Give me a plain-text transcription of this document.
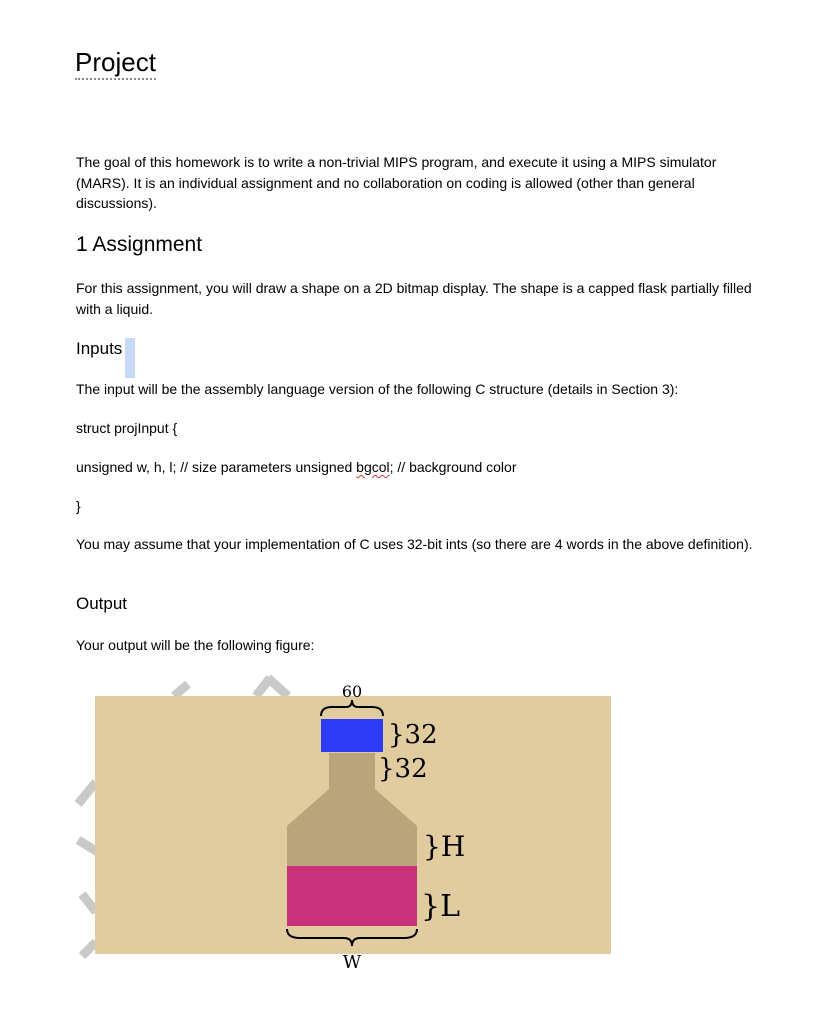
Project

The goal of this homework is to write a non-trivial MIPS program, and execute it using a MIPS simulator (MARS). It is an individual assignment and no collaboration on coding is allowed (other than general discussions).

1 Assignment

For this assignment, you will draw a shape on a 2D bitmap display. The shape is a capped flask partially filled with a liquid.

Inputs

The input will be the assembly language version of the following C structure (details in Section 3):

struct projInput {

unsigned w, h, l; // size parameters unsigned bgcol; // background color

}

You may assume that your implementation of C uses 32-bit ints (so there are 4 words in the above definition).

Output

Your output will be the following figure:

60
}32
}32
}H
}L
W
